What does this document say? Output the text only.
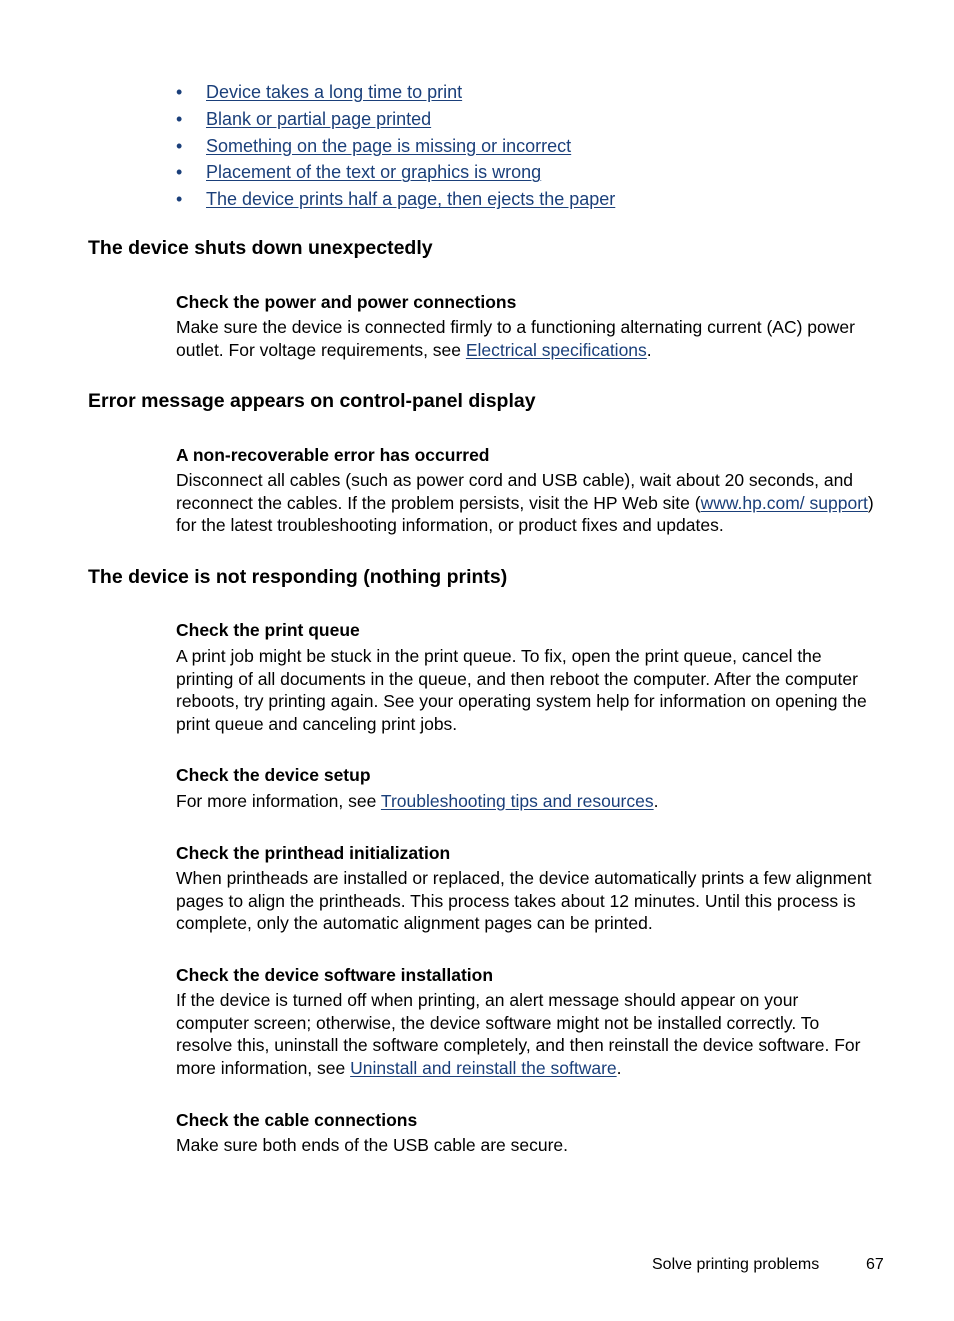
• Device takes a long time to print
• Blank or partial page printed
• Something on the page is missing or incorrect
• Placement of the text or graphics is wrong
• The device prints half a page, then ejects the paper
The device shuts down unexpectedly
Check the power and power connections

Make sure the device is connected firmly to a functioning alternating current (AC) power outlet. For voltage requirements, see Electrical specifications.

Error message appears on control-panel display
A non-recoverable error has occurred

Disconnect all cables (such as power cord and USB cable), wait about 20 seconds, and reconnect the cables. If the problem persists, visit the HP Web site (www.hp.com/ support) for the latest troubleshooting information, or product fixes and updates.

The device is not responding (nothing prints)
Check the print queue

A print job might be stuck in the print queue. To fix, open the print queue, cancel the printing of all documents in the queue, and then reboot the computer. After the computer reboots, try printing again. See your operating system help for information on opening the print queue and canceling print jobs.

Check the device setup

For more information, see Troubleshooting tips and resources.

Check the printhead initialization

When printheads are installed or replaced, the device automatically prints a few alignment pages to align the printheads. This process takes about 12 minutes. Until this process is complete, only the automatic alignment pages can be printed.

Check the device software installation

If the device is turned off when printing, an alert message should appear on your computer screen; otherwise, the device software might not be installed correctly. To resolve this, uninstall the software completely, and then reinstall the device software. For more information, see Uninstall and reinstall the software.

Check the cable connections

Make sure both ends of the USB cable are secure.

Solve printing problems	67
